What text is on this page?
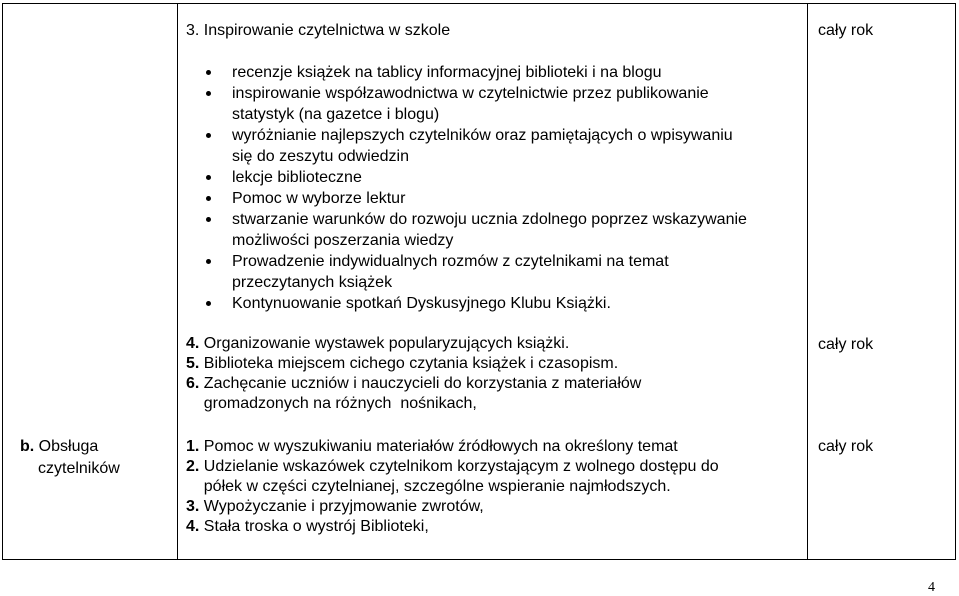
3. Inspirowanie czytelnictwa w szkole	cały rok
recenzje książek na tablicy informacyjnej biblioteki i na blogu
inspirowanie współzawodnictwa w czytelnictwie przez publikowanie
statystyk (na gazetce i blogu)
wyróżnianie najlepszych czytelników oraz pamiętających o wpisywaniu
się do zeszytu odwiedzin
lekcje biblioteczne
Pomoc w wyborze lektur
stwarzanie warunków do rozwoju ucznia zdolnego poprzez wskazywanie
możliwości poszerzania wiedzy
Prowadzenie indywidualnych rozmów z czytelnikami na temat
przeczytanych książek
Kontynuowanie spotkań Dyskusyjnego Klubu Książki.
4. Organizowanie wystawek popularyzujących książki.
5. Biblioteka miejscem cichego czytania książek i czasopism.
6. Zachęcanie uczniów i nauczycieli do korzystania z materiałów
gromadzonych na różnych  nośnikach,
cały rok
b. Obsługa
czytelników
1. Pomoc w wyszukiwaniu materiałów źródłowych na określony temat
2. Udzielanie wskazówek czytelnikom korzystającym z wolnego dostępu do
półek w części czytelnianej, szczególne wspieranie najmłodszych.
3. Wypożyczanie i przyjmowanie zwrotów,
4. Stała troska o wystrój Biblioteki,
cały rok
4
